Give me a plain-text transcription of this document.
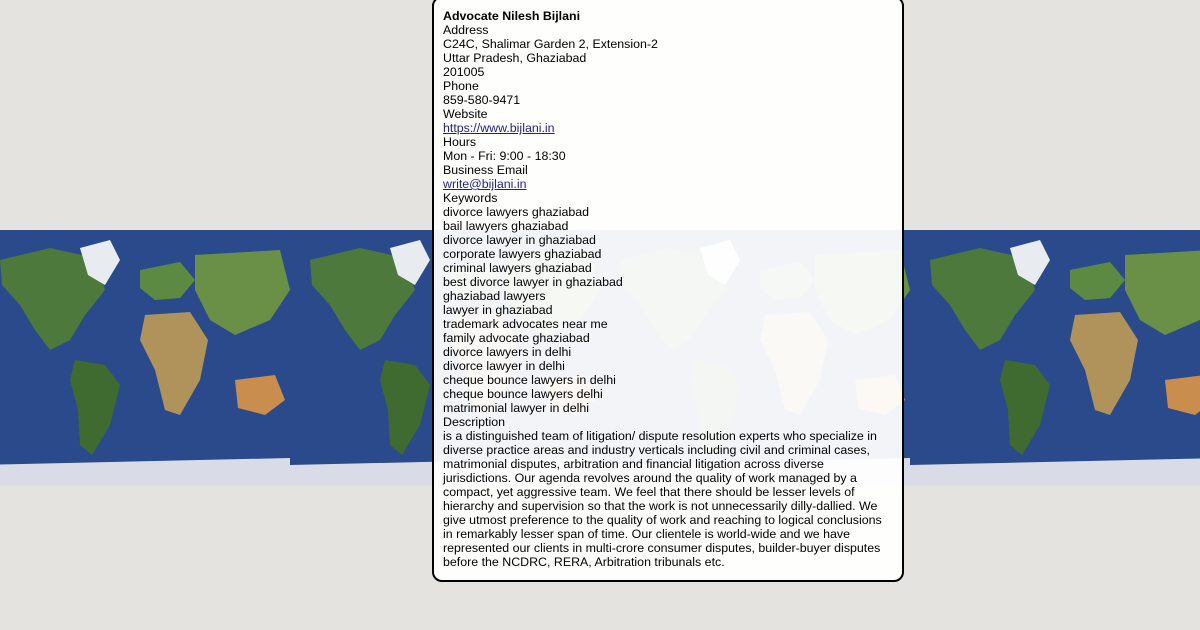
Advocate Nilesh Bijlani
Address
C24C, Shalimar Garden 2, Extension-2
Uttar Pradesh, Ghaziabad
201005
Phone
859-580-9471
Website
https://www.bijlani.in
Hours
Mon - Fri: 9:00 - 18:30
Business Email
write@bijlani.in
Keywords
divorce lawyers ghaziabad
bail lawyers ghaziabad
divorce lawyer in ghaziabad
corporate lawyers ghaziabad
criminal lawyers ghaziabad
best divorce lawyer in ghaziabad
ghaziabad lawyers
lawyer in ghaziabad
trademark advocates near me
family advocate ghaziabad
divorce lawyers in delhi
divorce lawyer in delhi
cheque bounce lawyers in delhi
cheque bounce lawyers delhi
matrimonial lawyer in delhi
Description
is a distinguished team of litigation/ dispute resolution experts who specialize in diverse practice areas and industry verticals including civil and criminal cases, matrimonial disputes, arbitration and financial litigation across diverse jurisdictions. Our agenda revolves around the quality of work managed by a compact, yet aggressive team. We feel that there should be lesser levels of hierarchy and supervision so that the work is not unnecessarily dilly-dallied. We give utmost preference to the quality of work and reaching to logical conclusions in remarkably lesser span of time. Our clientele is world-wide and we have represented our clients in multi-crore consumer disputes, builder-buyer disputes before the NCDRC, RERA, Arbitration tribunals etc.
